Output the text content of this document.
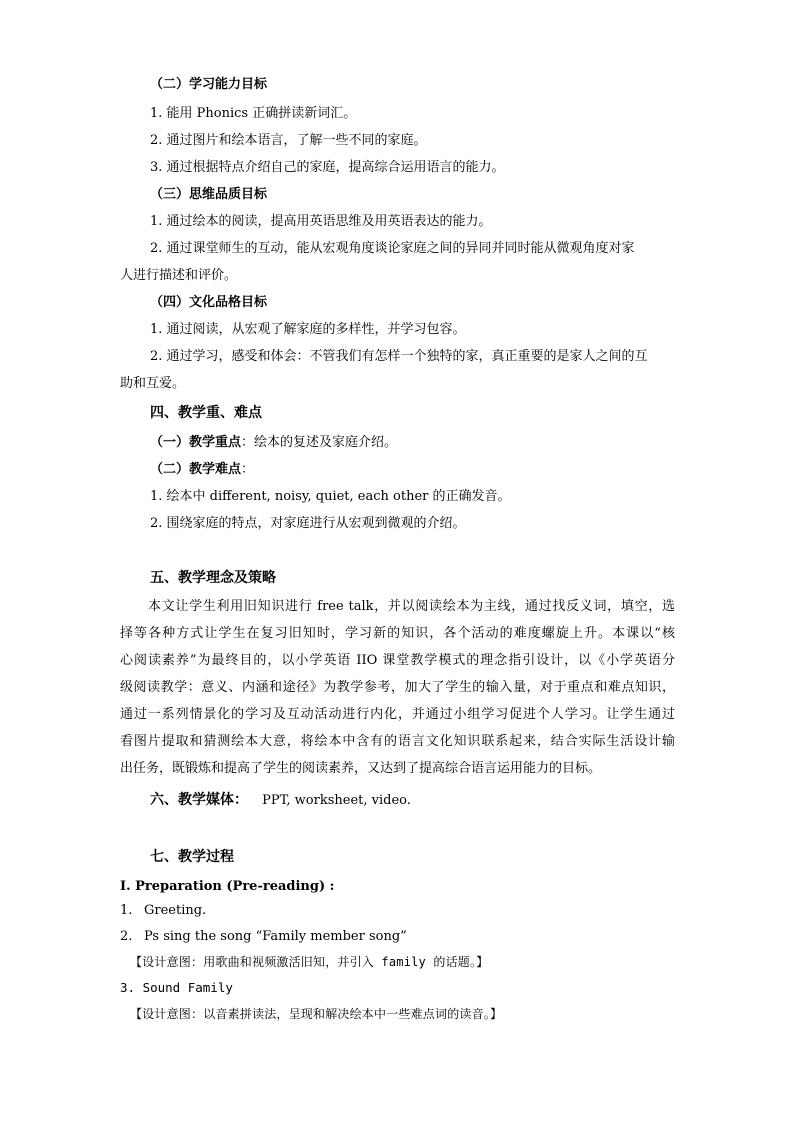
（二）学习能力目标
1. 能用 Phonics 正确拼读新词汇。
2. 通过图片和绘本语言，了解一些不同的家庭。
3. 通过根据特点介绍自己的家庭，提高综合运用语言的能力。
（三）思维品质目标
1. 通过绘本的阅读，提高用英语思维及用英语表达的能力。
2. 通过课堂师生的互动，能从宏观角度谈论家庭之间的异同并同时能从微观角度对家
人进行描述和评价。
（四）文化品格目标
1. 通过阅读，从宏观了解家庭的多样性，并学习包容。
2. 通过学习，感受和体会：不管我们有怎样一个独特的家，真正重要的是家人之间的互
助和互爱。
四、教学重、难点
（一）教学重点：绘本的复述及家庭介绍。
（二）教学难点：
1. 绘本中 different, noisy, quiet, each other 的正确发音。
2. 围绕家庭的特点，对家庭进行从宏观到微观的介绍。
五、教学理念及策略
本文让学生利用旧知识进行 free talk，并以阅读绘本为主线，通过找反义词，填空，选
择等各种方式让学生在复习旧知时，学习新的知识，各个活动的难度螺旋上升。本课以“核
心阅读素养”为最终目的，以小学英语 IIO 课堂教学模式的理念指引设计，以《小学英语分
级阅读教学：意义、内涵和途径》为教学参考，加大了学生的输入量，对于重点和难点知识，
通过一系列情景化的学习及互动活动进行内化，并通过小组学习促进个人学习。让学生通过
看图片提取和猜测绘本大意，将绘本中含有的语言文化知识联系起来，结合实际生活设计输
出任务，既锻炼和提高了学生的阅读素养，又达到了提高综合语言运用能力的目标。
六、教学媒体： PPT, worksheet, video.
七、教学过程
I. Preparation (Pre-reading) :
1. Greeting.
2. Ps sing the song “Family member song”
【设计意图：用歌曲和视频激活旧知，并引入 family 的话题。】
3. Sound Family
【设计意图：以音素拼读法，呈现和解决绘本中一些难点词的读音。】
